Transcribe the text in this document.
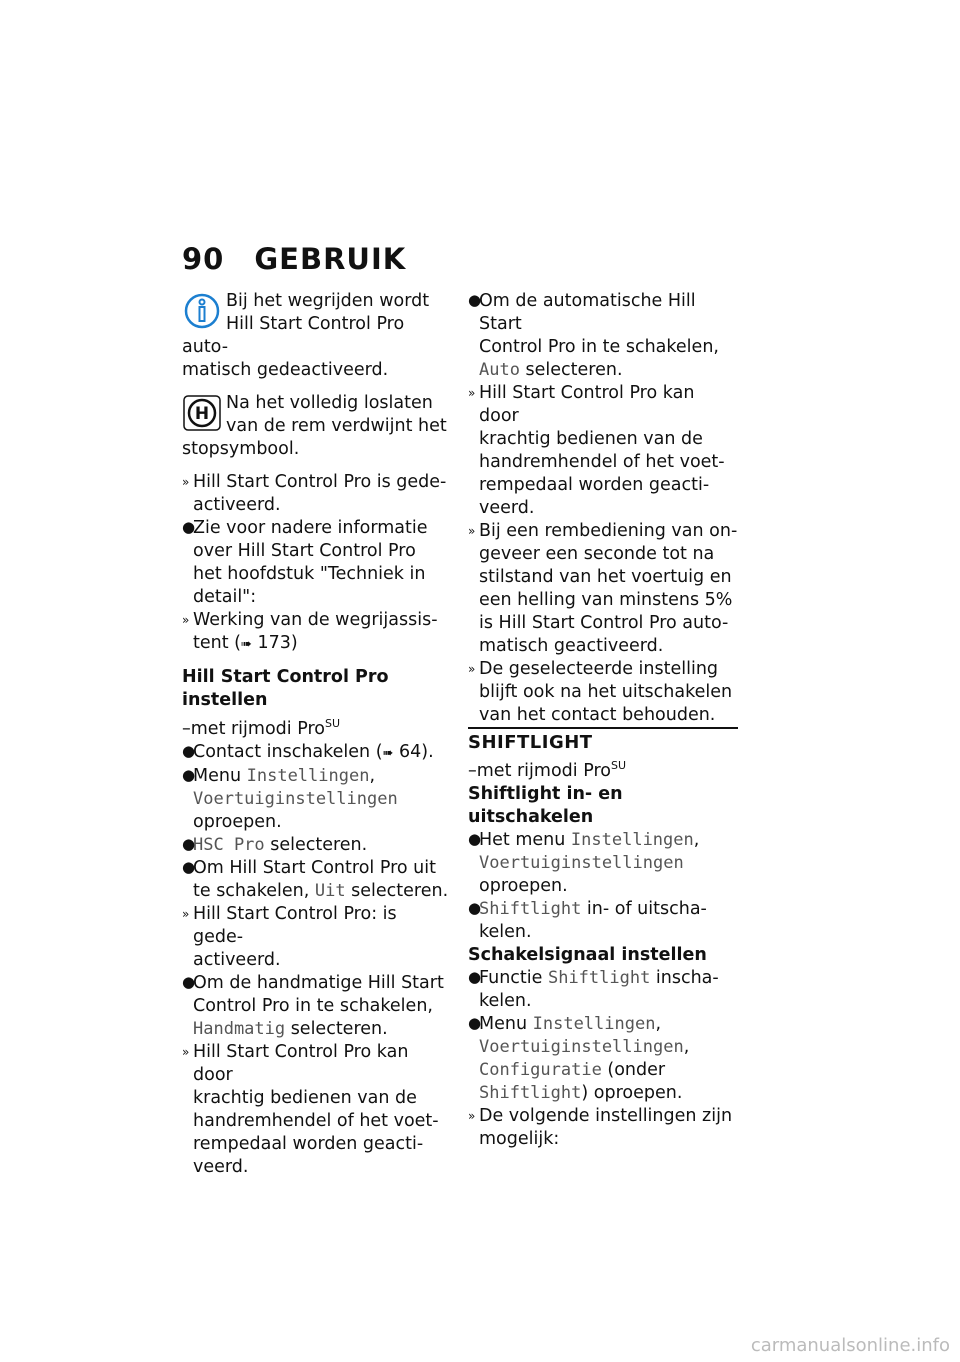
90 GEBRUIK

Bij het wegrijden wordt
Hill Start Control Pro auto-
matisch gedeactiveerd.

H

Na het volledig loslaten
van de rem verdwijnt het
stopsymbool.

» Hill Start Control Pro is gede-
activeerd.

●
Zie voor nadere informatie
over Hill Start Control Pro
het hoofdstuk "Techniek in
detail":

» Werking van de wegrijassis-
tent (➠ 173)

Hill Start Control Pro instellen

–met rijmodi Pro$^{SU}$

●
Contact inschakelen (➠ 64).

●
Menu Instellingen,
Voertuiginstellingen
oproepen.

●
HSC Pro selecteren.

●
Om Hill Start Control Pro uit
te schakelen, Uit selecteren.

» Hill Start Control Pro: is gede-
activeerd.

●
Om de handmatige Hill Start
Control Pro in te schakelen,
Handmatig selecteren.

» Hill Start Control Pro kan door
krachtig bedienen van de
handremhendel of het voet-
rempedaal worden geacti-
veerd.

●
Om de automatische Hill Start
Control Pro in te schakelen,
Auto selecteren.

» Hill Start Control Pro kan door
krachtig bedienen van de
handremhendel of het voet-
rempedaal worden geacti-
veerd.

» Bij een rembediening van on-
geveer een seconde tot na
stilstand van het voertuig en
een helling van minstens 5%
is Hill Start Control Pro auto-
matisch geactiveerd.

» De geselecteerde instelling
blijft ook na het uitschakelen
van het contact behouden.

SHIFTLIGHT

–met rijmodi Pro$^{SU}$

Shiftlight in- en uitschakelen

●
Het menu Instellingen,
Voertuiginstellingen
oproepen.

●
Shiftlight in- of uitscha-
kelen.

Schakelsignaal instellen

●
Functie Shiftlight inscha-
kelen.

●
Menu Instellingen,
Voertuiginstellingen,
Configuratie (onder
Shiftlight) oproepen.

» De volgende instellingen zijn
mogelijk:

carmanualsonline.info
